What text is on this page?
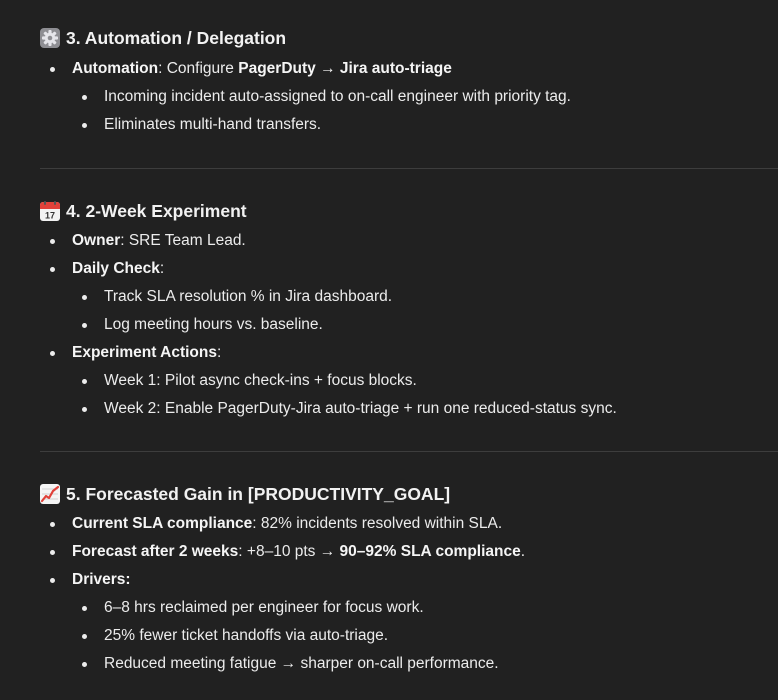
3. Automation / Delegation
Automation: Configure PagerDuty → Jira auto-triage
Incoming incident auto-assigned to on-call engineer with priority tag.
Eliminates multi-hand transfers.
17 4. 2-Week Experiment
Owner: SRE Team Lead.
Daily Check:
Track SLA resolution % in Jira dashboard.
Log meeting hours vs. baseline.
Experiment Actions:
Week 1: Pilot async check-ins + focus blocks.
Week 2: Enable PagerDuty-Jira auto-triage + run one reduced-status sync.
5. Forecasted Gain in [PRODUCTIVITY_GOAL]
Current SLA compliance: 82% incidents resolved within SLA.
Forecast after 2 weeks: +8–10 pts → 90–92% SLA compliance.
Drivers:
6–8 hrs reclaimed per engineer for focus work.
25% fewer ticket handoffs via auto-triage.
Reduced meeting fatigue → sharper on-call performance.
